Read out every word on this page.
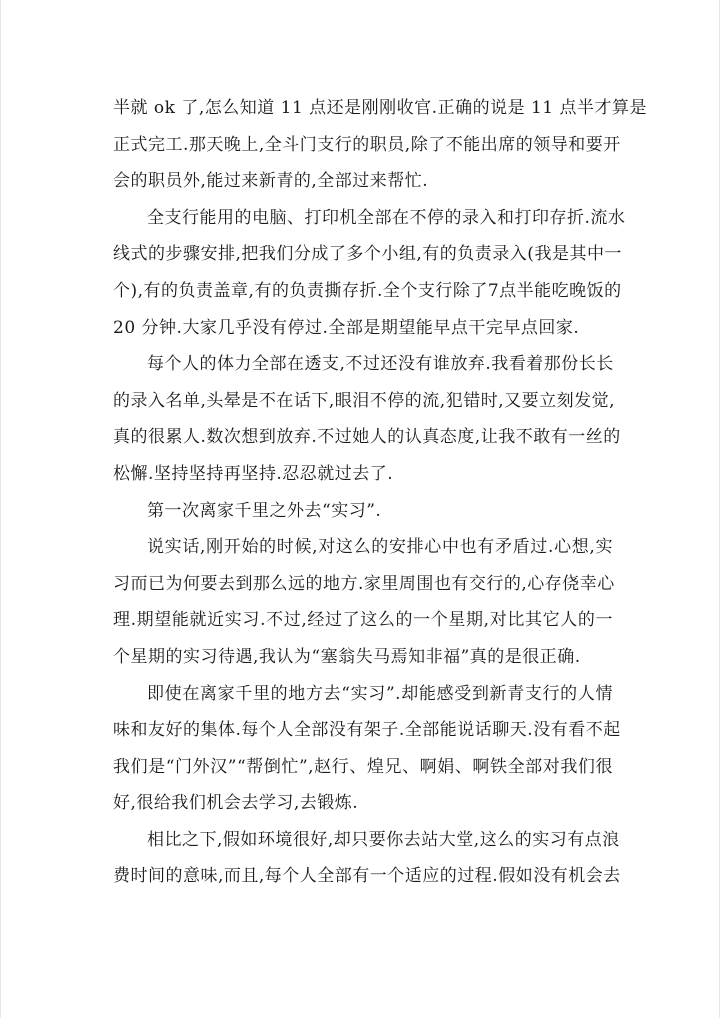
半就 ok 了,怎么知道 11 点还是刚刚收官.正确的说是 11 点半才算是
正式完工.那天晚上,全斗门支行的职员,除了不能出席的领导和要开
会的职员外,能过来新青的,全部过来帮忙.
全支行能用的电脑、打印机全部在不停的录入和打印存折.流水
线式的步骤安排,把我们分成了多个小组,有的负责录入(我是其中一
个),有的负责盖章,有的负责撕存折.全个支行除了7点半能吃晚饭的
20 分钟.大家几乎没有停过.全部是期望能早点干完早点回家.
每个人的体力全部在透支,不过还没有谁放弃.我看着那份长长
的录入名单,头晕是不在话下,眼泪不停的流,犯错时,又要立刻发觉,
真的很累人.数次想到放弃.不过她人的认真态度,让我不敢有一丝的
松懈.坚持坚持再坚持.忍忍就过去了.
第一次离家千里之外去“实习”.
说实话,刚开始的时候,对这么的安排心中也有矛盾过.心想,实
习而已为何要去到那么远的地方.家里周围也有交行的,心存侥幸心
理.期望能就近实习.不过,经过了这么的一个星期,对比其它人的一
个星期的实习待遇,我认为“塞翁失马焉知非福”真的是很正确.
即使在离家千里的地方去“实习”.却能感受到新青支行的人情
味和友好的集体.每个人全部没有架子.全部能说话聊天.没有看不起
我们是“门外汉”“帮倒忙”,赵行、煌兄、啊娟、啊铁全部对我们很
好,很给我们机会去学习,去锻炼.
相比之下,假如环境很好,却只要你去站大堂,这么的实习有点浪
费时间的意味,而且,每个人全部有一个适应的过程.假如没有机会去
